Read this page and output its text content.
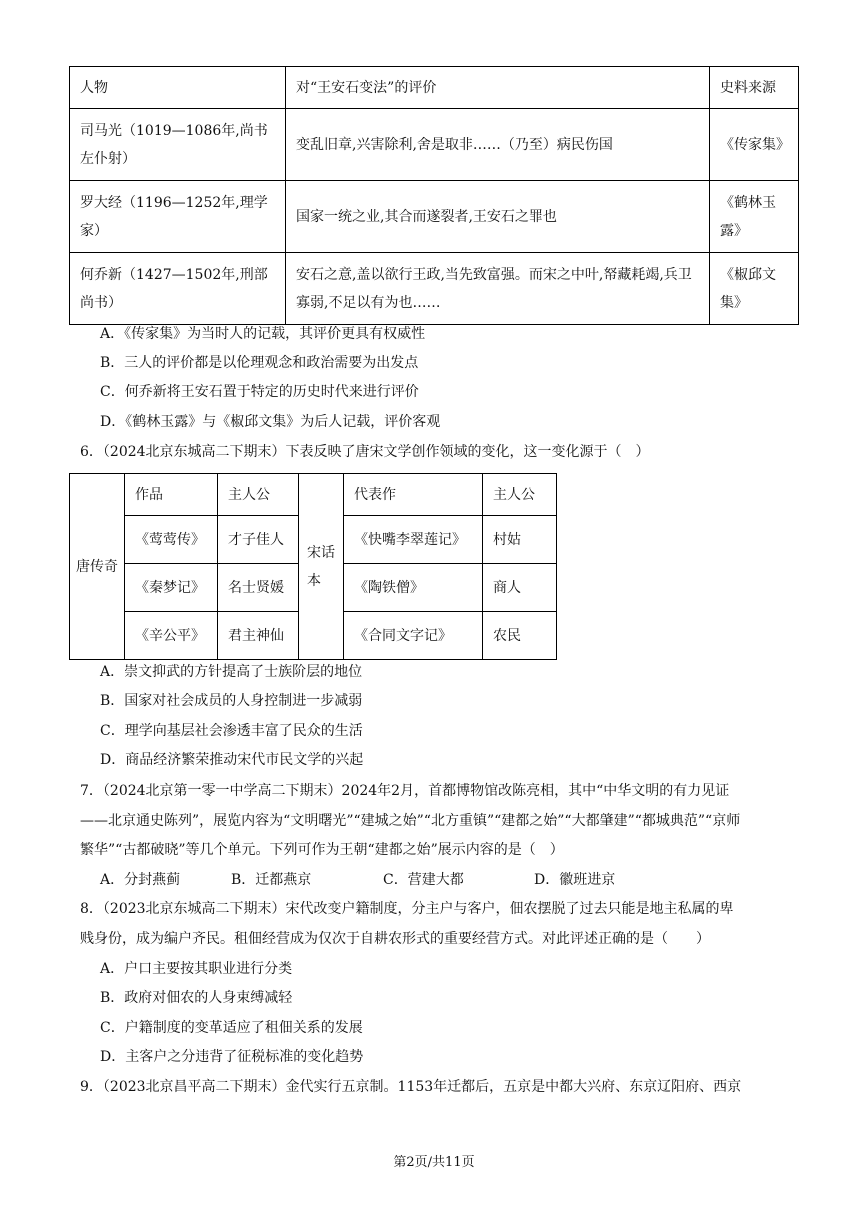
人物	对“王安石变法”的评价	史料来源
司马光（1019—1086年,尚书左仆射）	变乱旧章,兴害除利,舍是取非……（乃至）病民伤国	《传家集》
罗大经（1196—1252年,理学家）	国家一统之业,其合而遂裂者,王安石之罪也	《鹤林玉露》
何乔新（1427—1502年,刑部尚书）	安石之意,盖以欲行王政,当先致富强。而宋之中叶,帑藏耗竭,兵卫寡弱,不足以有为也……	《椒邱文集》
A．《传家集》为当时人的记载，其评价更具有权威性
B．三人的评价都是以伦理观念和政治需要为出发点
C．何乔新将王安石置于特定的历史时代来进行评价
D．《鹤林玉露》与《椒邱文集》为后人记载，评价客观
6．（2024北京东城高二下期末）下表反映了唐宋文学创作领域的变化，这一变化源于（　）
唐传奇	作品	主人公	宋话本	代表作	主人公
	《莺莺传》	才子佳人		《快嘴李翠莲记》	村姑
	《秦梦记》	名士贤媛		《陶铁僧》	商人
	《辛公平》	君主神仙		《合同文字记》	农民
A．崇文抑武的方针提高了士族阶层的地位
B．国家对社会成员的人身控制进一步减弱
C．理学向基层社会渗透丰富了民众的生活
D．商品经济繁荣推动宋代市民文学的兴起
7．（2024北京第一零一中学高二下期末）2024年2月，首都博物馆改陈亮相，其中“中华文明的有力见证
——北京通史陈列”，展览内容为“文明曙光”“建城之始”“北方重镇”“建都之始”“大都肇建”“都城典范”“京师
繁华”“古都破晓”等几个单元。下列可作为王朝“建都之始”展示内容的是（　）
A．分封燕蓟	B．迁都燕京	C．营建大都	D．徽班进京
8．（2023北京东城高二下期末）宋代改变户籍制度，分主户与客户，佃农摆脱了过去只能是地主私属的卑
贱身份，成为编户齐民。租佃经营成为仅次于自耕农形式的重要经营方式。对此评述正确的是（　　）
A．户口主要按其职业进行分类
B．政府对佃农的人身束缚减轻
C．户籍制度的变革适应了租佃关系的发展
D．主客户之分违背了征税标准的变化趋势
9．（2023北京昌平高二下期末）金代实行五京制。1153年迁都后，五京是中都大兴府、东京辽阳府、西京
第2页/共11页
